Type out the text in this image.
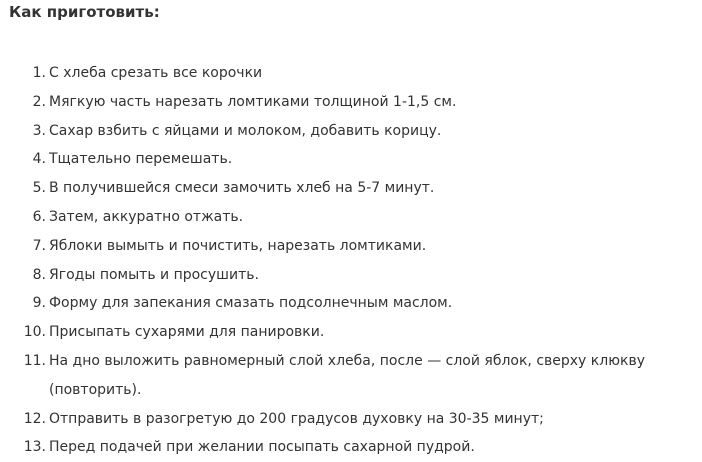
Как приготовить:
1. С хлеба срезать все корочки
2. Мягкую часть нарезать ломтиками толщиной 1-1,5 см.
3. Сахар взбить с яйцами и молоком, добавить корицу.
4. Тщательно перемешать.
5. В получившейся смеси замочить хлеб на 5-7 минут.
6. Затем, аккуратно отжать.
7. Яблоки вымыть и почистить, нарезать ломтиками.
8. Ягоды помыть и просушить.
9. Форму для запекания смазать подсолнечным маслом.
10. Присыпать сухарями для панировки.
11. На дно выложить равномерный слой хлеба, после — слой яблок, сверху клюкву (повторить).
12. Отправить в разогретую до 200 градусов духовку на 30-35 минут;
13. Перед подачей при желании посыпать сахарной пудрой.
